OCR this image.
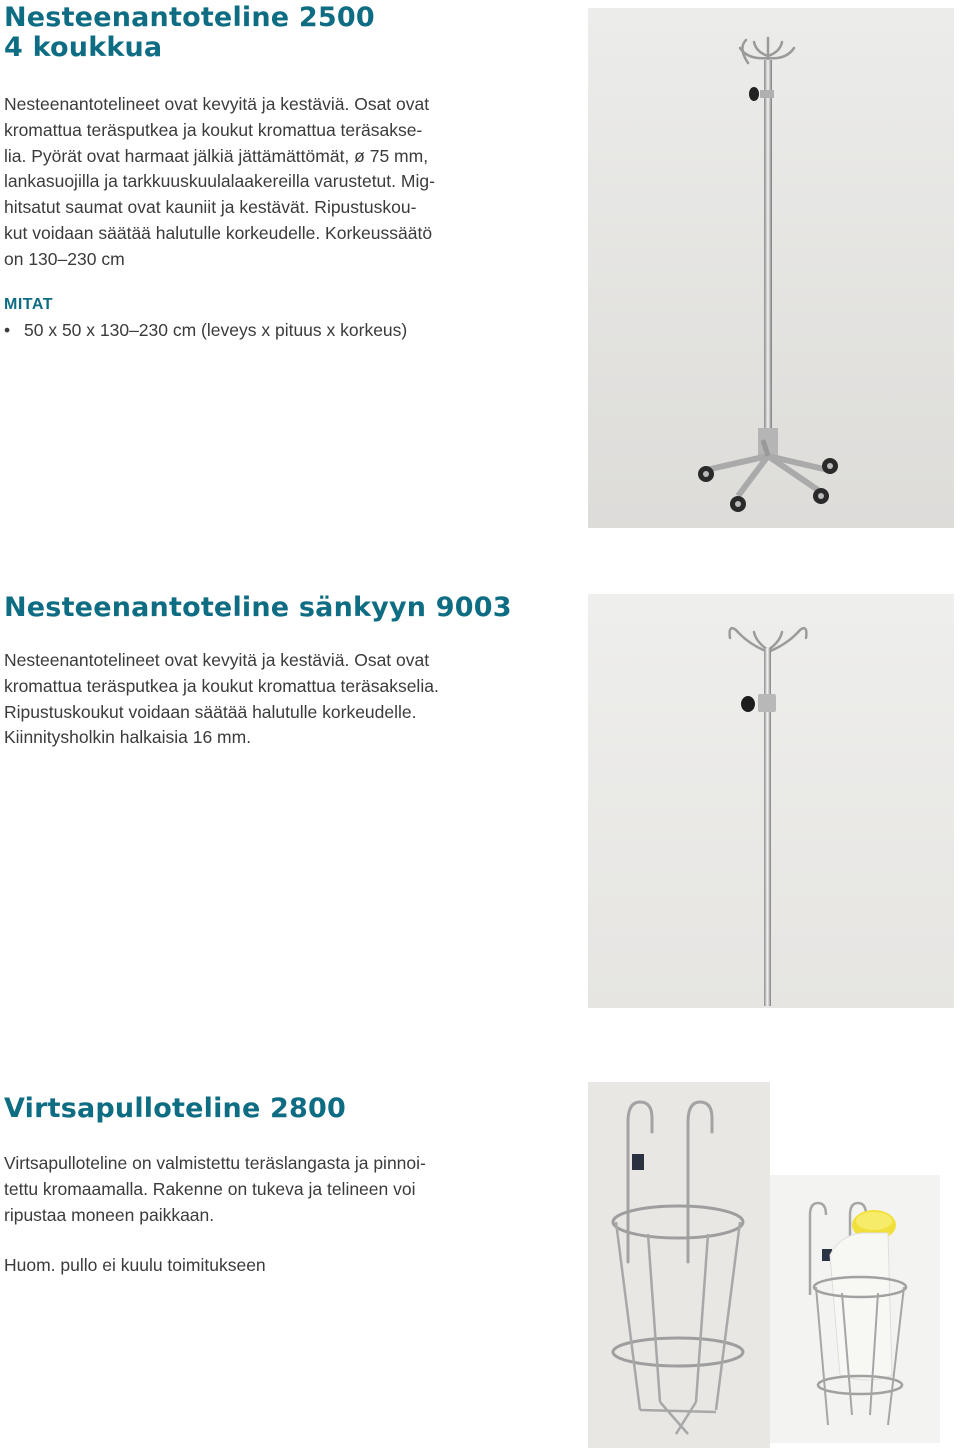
Nesteenantoteline 2500
4 koukkua

Nesteenantotelineet ovat kevyitä ja kestäviä. Osat ovat
kromattua teräsputkea ja koukut kromattua teräsakse-
lia. Pyörät ovat harmaat jälkiä jättämättömät, ø 75 mm,
lankasuojilla ja tarkkuuskuulalaakereilla varustetut. Mig-
hitsatut saumat ovat kauniit ja kestävät. Ripustuskou-
kut voidaan säätää halutulle korkeudelle. Korkeussäätö
on 130–230 cm

MITAT

• 50 x 50 x 130–230 cm (leveys x pituus x korkeus)

Nesteenantoteline sänkyyn 9003

Nesteenantotelineet ovat kevyitä ja kestäviä. Osat ovat
kromattua teräsputkea ja koukut kromattua teräsakselia.
Ripustuskoukut voidaan säätää halutulle korkeudelle.
Kiinnitysholkin halkaisia 16 mm.

Virtsapulloteline 2800

Virtsapulloteline on valmistettu teräslangasta ja pinnoi-
tettu kromaamalla. Rakenne on tukeva ja telineen voi
ripustaa moneen paikkaan.

Huom. pullo ei kuulu toimitukseen
